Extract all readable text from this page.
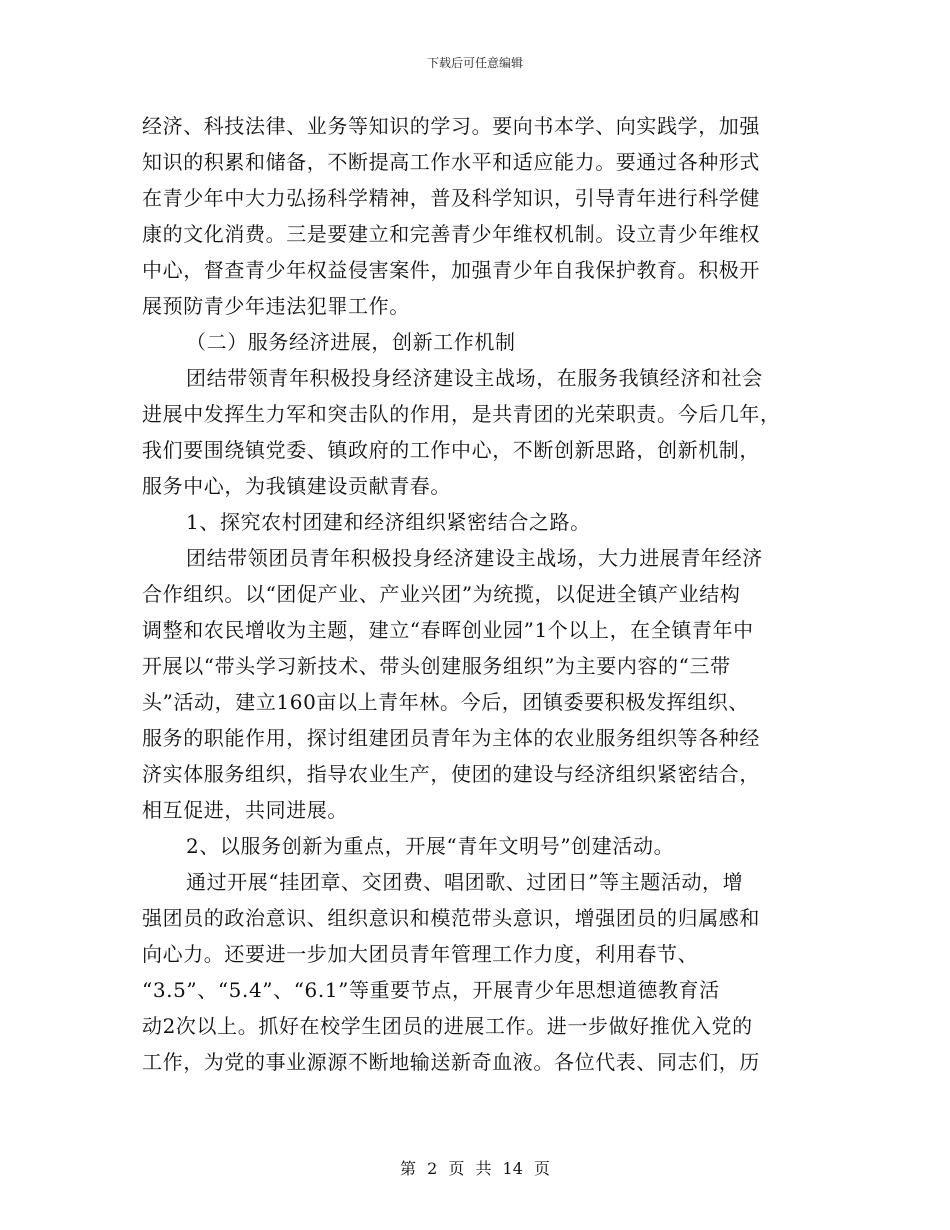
下载后可任意编辑
经济、科技法律、业务等知识的学习。要向书本学、向实践学，加强
知识的积累和储备，不断提高工作水平和适应能力。要通过各种形式
在青少年中大力弘扬科学精神，普及科学知识，引导青年进行科学健
康的文化消费。三是要建立和完善青少年维权机制。设立青少年维权
中心，督查青少年权益侵害案件，加强青少年自我保护教育。积极开
展预防青少年违法犯罪工作。
（二）服务经济进展，创新工作机制
团结带领青年积极投身经济建设主战场，在服务我镇经济和社会
进展中发挥生力军和突击队的作用，是共青团的光荣职责。今后几年，
我们要围绕镇党委、镇政府的工作中心，不断创新思路，创新机制，
服务中心，为我镇建设贡献青春。
1、探究农村团建和经济组织紧密结合之路。
团结带领团员青年积极投身经济建设主战场，大力进展青年经济
合作组织。以“团促产业、产业兴团”为统揽，以促进全镇产业结构
调整和农民增收为主题，建立“春晖创业园”1个以上，在全镇青年中
开展以“带头学习新技术、带头创建服务组织”为主要内容的“三带
头”活动，建立160亩以上青年林。今后，团镇委要积极发挥组织、
服务的职能作用，探讨组建团员青年为主体的农业服务组织等各种经
济实体服务组织，指导农业生产，使团的建设与经济组织紧密结合，
相互促进，共同进展。
2、以服务创新为重点，开展“青年文明号”创建活动。
通过开展“挂团章、交团费、唱团歌、过团日”等主题活动，增
强团员的政治意识、组织意识和模范带头意识，增强团员的归属感和
向心力。还要进一步加大团员青年管理工作力度，利用春节、
“3.5”、“5.4”、“6.1”等重要节点，开展青少年思想道德教育活
动2次以上。抓好在校学生团员的进展工作。进一步做好推优入党的
工作，为党的事业源源不断地输送新奇血液。各位代表、同志们，历
第 2 页 共 14 页
